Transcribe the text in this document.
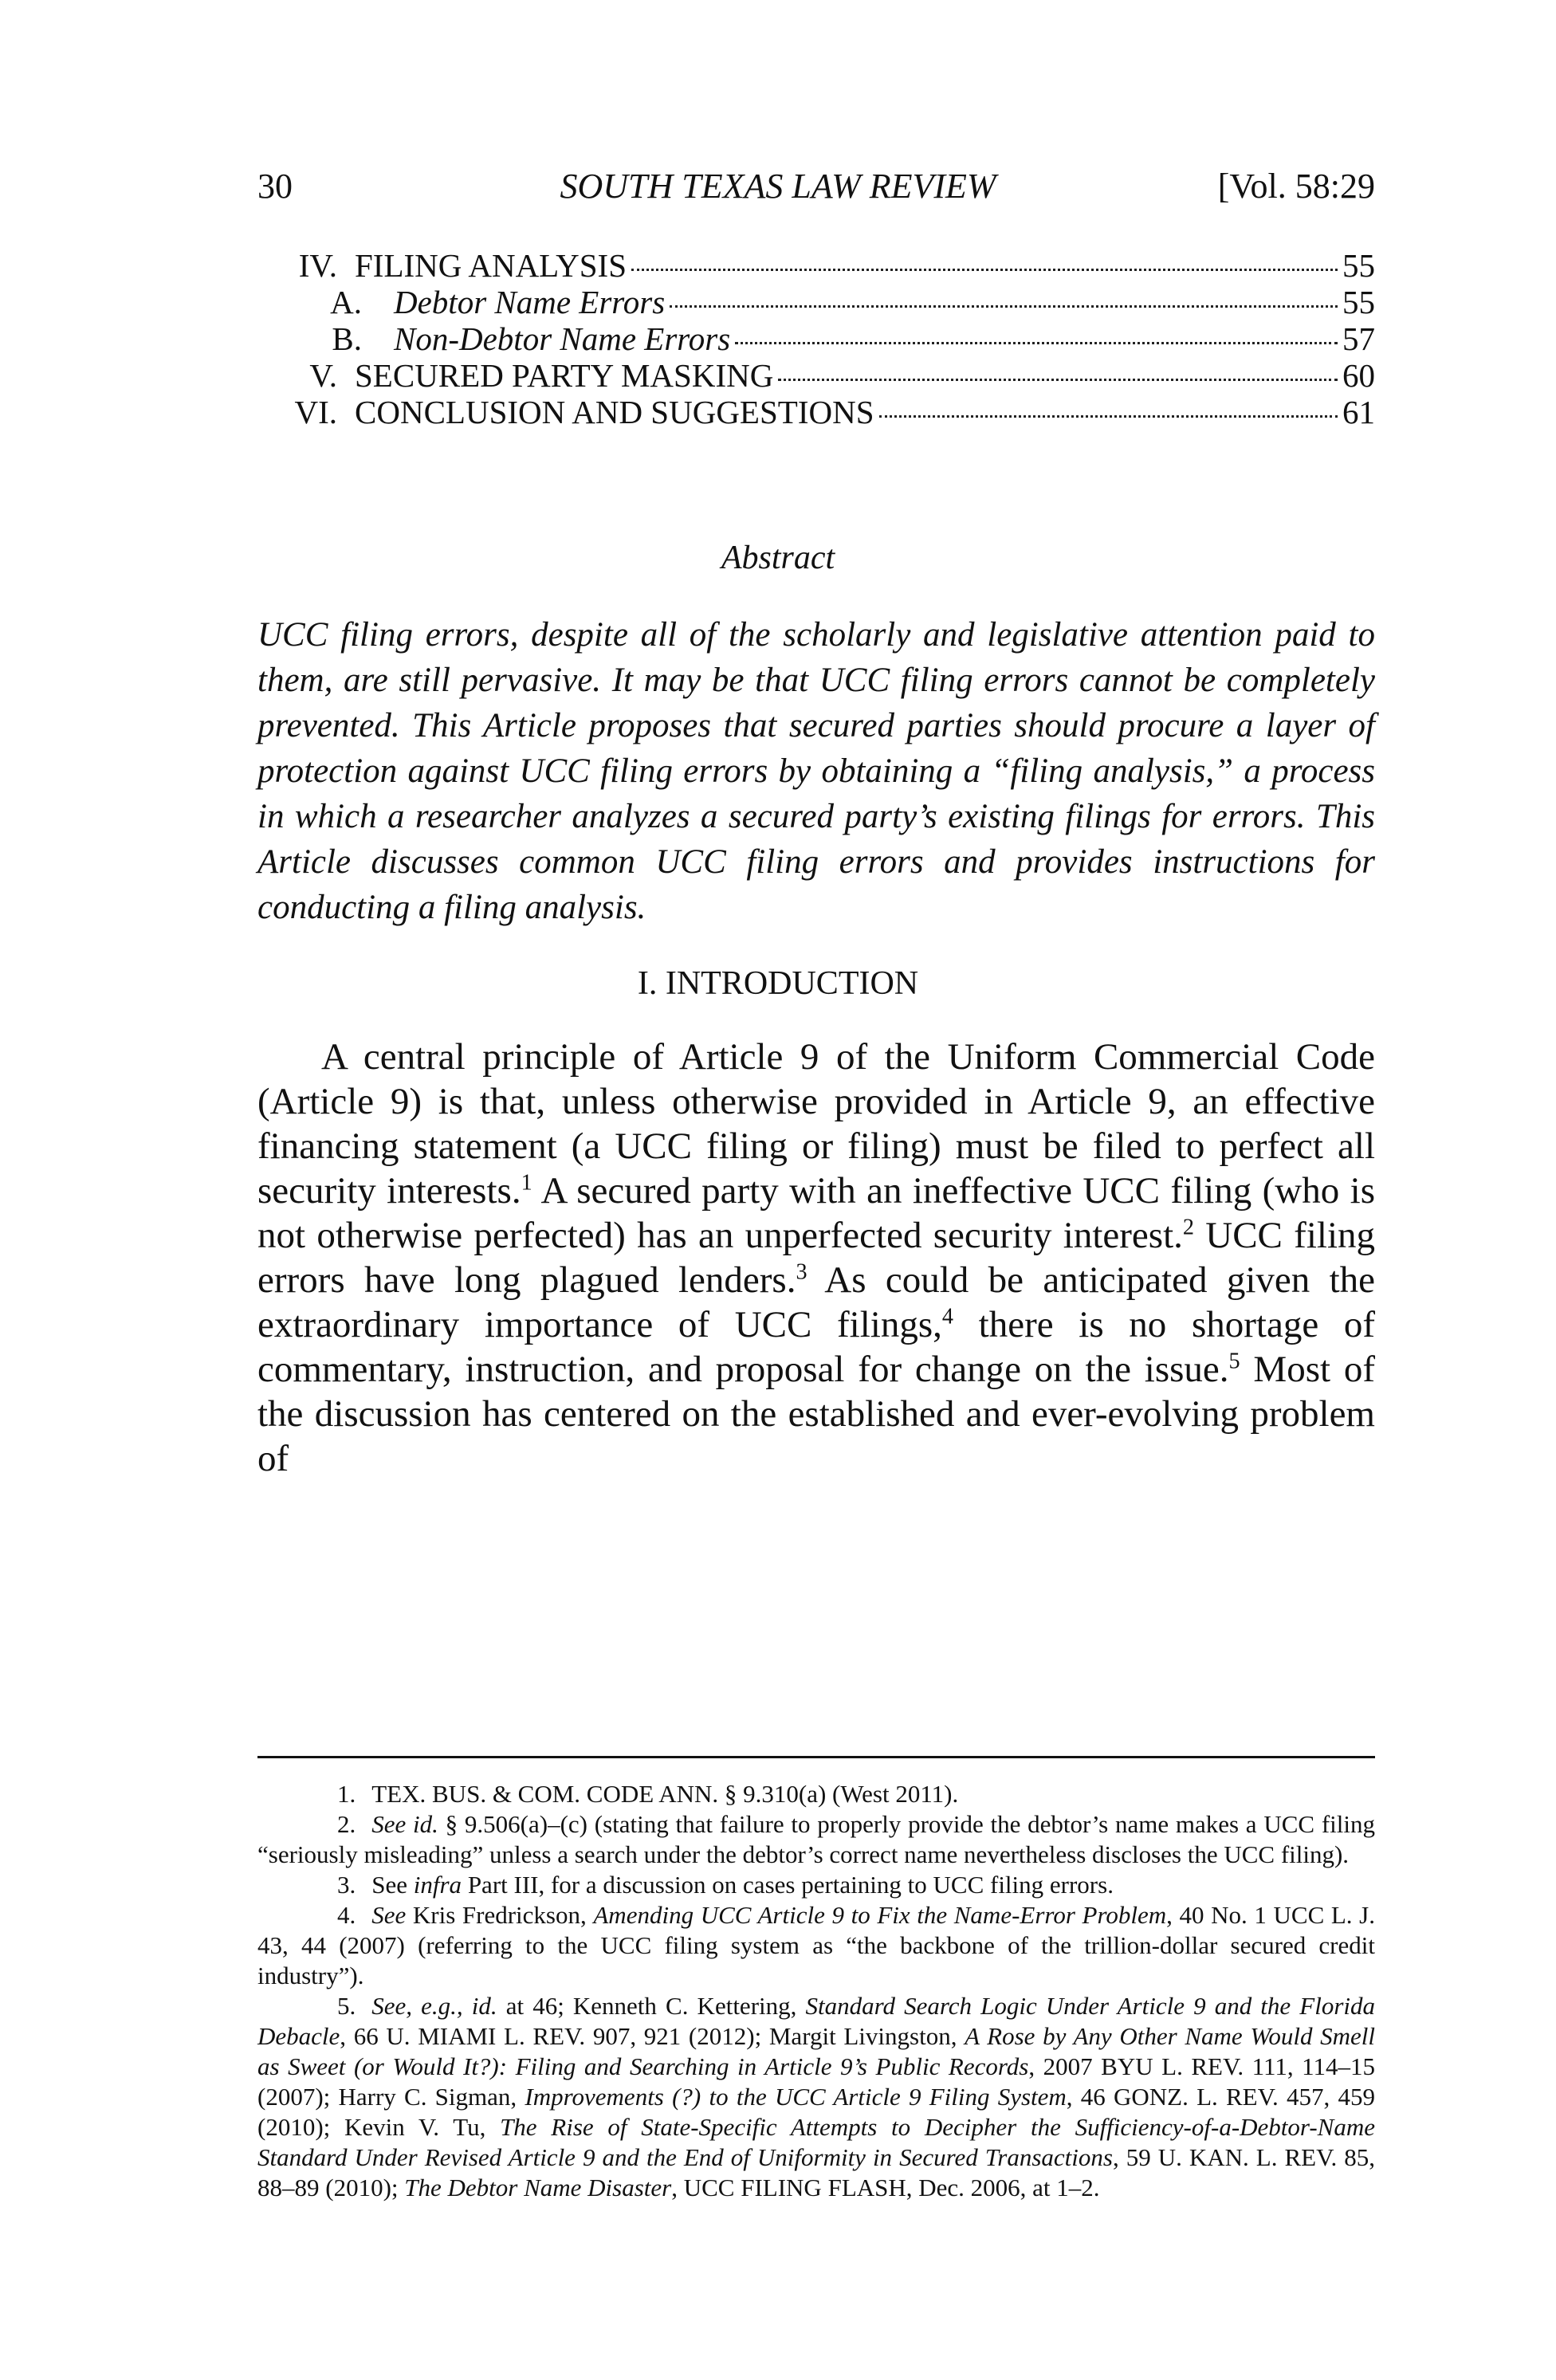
30	SOUTH TEXAS LAW REVIEW	[Vol. 58:29
IV. FILING ANALYSIS	55
A. Debtor Name Errors	55
B. Non-Debtor Name Errors	57
V. SECURED PARTY MASKING	60
VI. CONCLUSION AND SUGGESTIONS	61
Abstract

UCC filing errors, despite all of the scholarly and legislative attention paid to them, are still pervasive. It may be that UCC filing errors cannot be completely prevented. This Article proposes that secured parties should procure a layer of protection against UCC filing errors by obtaining a “filing analysis,” a process in which a researcher analyzes a secured party’s existing filings for errors. This Article discusses common UCC filing errors and provides instructions for conducting a filing analysis.

I. INTRODUCTION

A central principle of Article 9 of the Uniform Commercial Code (Article 9) is that, unless otherwise provided in Article 9, an effective financing statement (a UCC filing or filing) must be filed to perfect all security interests.$^1$ A secured party with an ineffective UCC filing (who is not otherwise perfected) has an unperfected security interest.$^2$ UCC filing errors have long plagued lenders.$^3$ As could be anticipated given the extraordinary importance of UCC filings,$^4$ there is no shortage of commentary, instruction, and proposal for change on the issue.$^5$ Most of the discussion has centered on the established and ever-evolving problem of

1. TEX. BUS. & COM. CODE ANN. § 9.310(a) (West 2011).

2. See id. § 9.506(a)–(c) (stating that failure to properly provide the debtor’s name makes a UCC filing “seriously misleading” unless a search under the debtor’s correct name nevertheless discloses the UCC filing).

3. See infra Part III, for a discussion on cases pertaining to UCC filing errors.

4. See Kris Fredrickson, Amending UCC Article 9 to Fix the Name-Error Problem, 40 No. 1 UCC L. J. 43, 44 (2007) (referring to the UCC filing system as “the backbone of the trillion-dollar secured credit industry”).

5. See, e.g., id. at 46; Kenneth C. Kettering, Standard Search Logic Under Article 9 and the Florida Debacle, 66 U. MIAMI L. REV. 907, 921 (2012); Margit Livingston, A Rose by Any Other Name Would Smell as Sweet (or Would It?): Filing and Searching in Article 9’s Public Records, 2007 BYU L. REV. 111, 114–15 (2007); Harry C. Sigman, Improvements (?) to the UCC Article 9 Filing System, 46 GONZ. L. REV. 457, 459 (2010); Kevin V. Tu, The Rise of State-Specific Attempts to Decipher the Sufficiency-of-a-Debtor-Name Standard Under Revised Article 9 and the End of Uniformity in Secured Transactions, 59 U. KAN. L. REV. 85, 88–89 (2010); The Debtor Name Disaster, UCC FILING FLASH, Dec. 2006, at 1–2.
